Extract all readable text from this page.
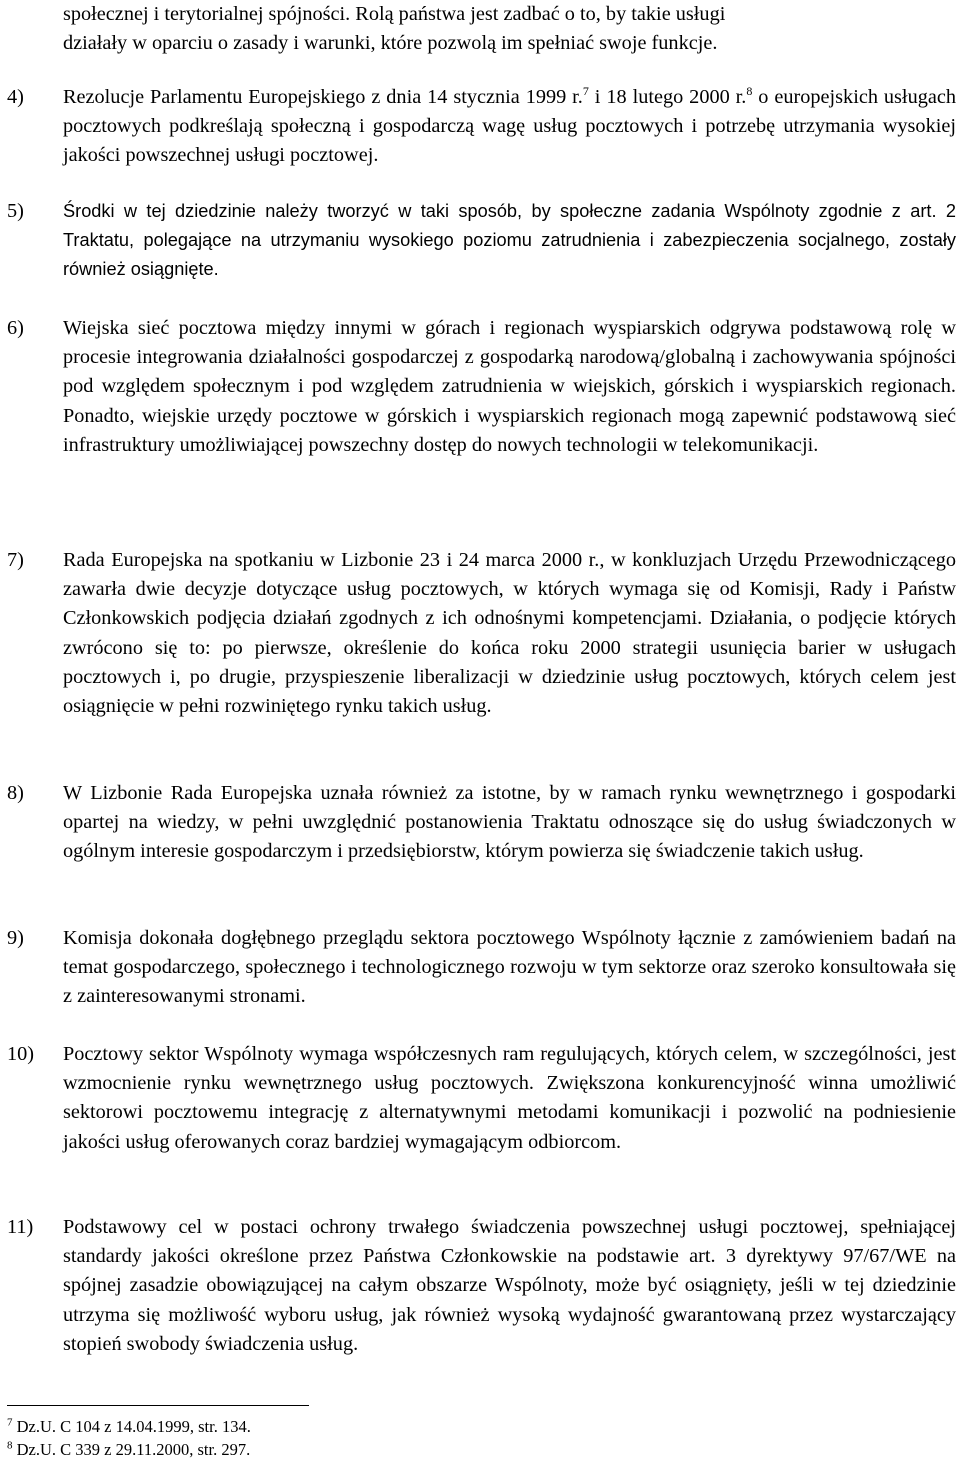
społecznej i terytorialnej spójności. Rolą państwa jest zadbać o to, by takie usługi
działały w oparciu o zasady i warunki, które pozwolą im spełniać swoje funkcje.
4)	Rezolucje Parlamentu Europejskiego z dnia 14 stycznia 1999 r.$^7$ i 18 lutego 2000 r.$^8$ o europejskich usługach pocztowych podkreślają społeczną i gospodarczą wagę usług pocztowych i potrzebę utrzymania wysokiej jakości powszechnej usługi pocztowej.

5)	Środki w tej dziedzinie należy tworzyć w taki sposób, by społeczne zadania Wspólnoty zgodnie z art. 2 Traktatu, polegające na utrzymaniu wysokiego poziomu zatrudnienia i zabezpieczenia socjalnego, zostały również osiągnięte.

6)	Wiejska sieć pocztowa między innymi w górach i regionach wyspiarskich odgrywa podstawową rolę w procesie integrowania działalności gospodarczej z gospodarką narodową/globalną i zachowywania spójności pod względem społecznym i pod względem zatrudnienia w wiejskich, górskich i wyspiarskich regionach. Ponadto, wiejskie urzędy pocztowe w górskich i wyspiarskich regionach mogą zapewnić podstawową sieć infrastruktury umożliwiającej powszechny dostęp do nowych technologii w telekomunikacji.

7)	Rada Europejska na spotkaniu w Lizbonie 23 i 24 marca 2000 r., w konkluzjach Urzędu Przewodniczącego zawarła dwie decyzje dotyczące usług pocztowych, w których wymaga się od Komisji, Rady i Państw Członkowskich podjęcia działań zgodnych z ich odnośnymi kompetencjami. Działania, o podjęcie których zwrócono się to: po pierwsze, określenie do końca roku 2000 strategii usunięcia barier w usługach pocztowych i, po drugie, przyspieszenie liberalizacji w dziedzinie usług pocztowych, których celem jest osiągnięcie w pełni rozwiniętego rynku takich usług.

8)	W Lizbonie Rada Europejska uznała również za istotne, by w ramach rynku wewnętrznego i gospodarki opartej na wiedzy, w pełni uwzględnić postanowienia Traktatu odnoszące się do usług świadczonych w ogólnym interesie gospodarczym i przedsiębiorstw, którym powierza się świadczenie takich usług.

9)	Komisja dokonała dogłębnego przeglądu sektora pocztowego Wspólnoty łącznie z zamówieniem badań na temat gospodarczego, społecznego i technologicznego rozwoju w tym sektorze oraz szeroko konsultowała się z zainteresowanymi stronami.

10)	Pocztowy sektor Wspólnoty wymaga współczesnych ram regulujących, których celem, w szczególności, jest wzmocnienie rynku wewnętrznego usług pocztowych. Zwiększona konkurencyjność winna umożliwić sektorowi pocztowemu integrację z alternatywnymi metodami komunikacji i pozwolić na podniesienie jakości usług oferowanych coraz bardziej wymagającym odbiorcom.

11)	Podstawowy cel w postaci ochrony trwałego świadczenia powszechnej usługi pocztowej, spełniającej standardy jakości określone przez Państwa Członkowskie na podstawie art. 3 dyrektywy 97/67/WE na spójnej zasadzie obowiązującej na całym obszarze Wspólnoty, może być osiągnięty, jeśli w tej dziedzinie utrzyma się możliwość wyboru usług, jak również wysoką wydajność gwarantowaną przez wystarczający stopień swobody świadczenia usług.

$^7$ Dz.U. C 104 z 14.04.1999, str. 134.
$^8$ Dz.U. C 339 z 29.11.2000, str. 297.
